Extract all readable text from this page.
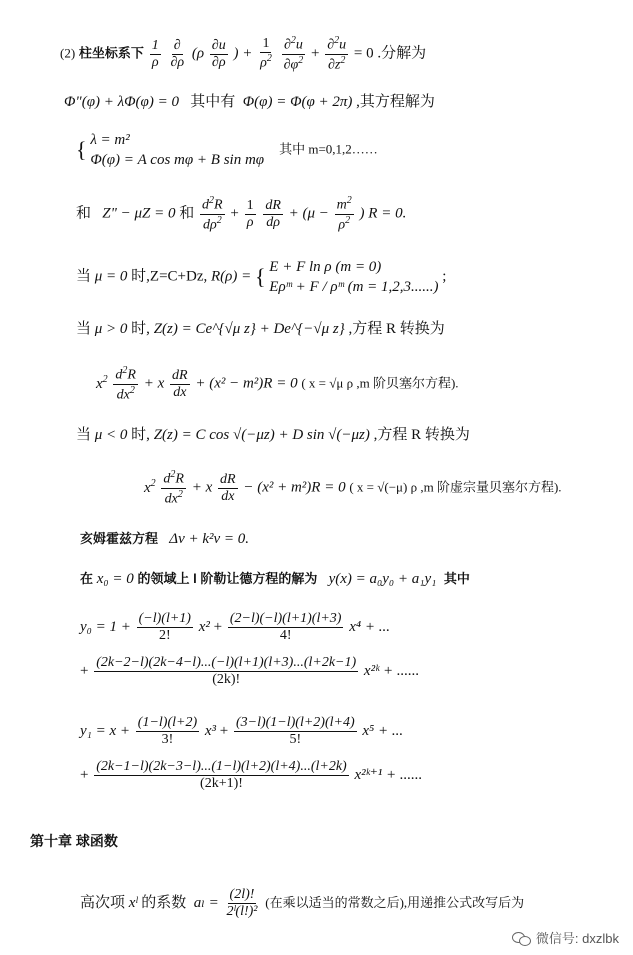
(2) 柱坐标系下 $\frac{1}{\rho}$
$\frac{\partial}{\partial\rho} (\rho \frac{\partial u}{\partial\rho}$ ) + $\frac{1}{\rho^2}$
$\frac{\partial^2u}{\partial\varphi^2} + \frac{\partial^2u}{\partial z^2} = 0$ .分解为
Φ"(φ) + λΦ(φ) = 0 其中有 Φ(φ) = Φ(φ + 2π) ,其方程解为
{ λ = m²
Φ(φ) = A cos mφ + B sin mφ
其中 m=0,1,2……
和 Z" − μZ = 0 和 $\frac{d^2R}{d\rho^2} + \frac{1}{\rho}$
$\frac{dR}{d\rho} + (\mu - \frac{m^2}{\rho^2}$ ) R = 0.
当 μ = 0 时,Z=C+Dz, R(ρ) = { E + F ln ρ (m = 0)
Eρᵐ + F / ρᵐ (m = 1,2,3......)
;
当 μ > 0 时, Z(z) = Ce^{√μ z} + De^{−√μ z} ,方程 R 转换为
$x^2 \frac{d^2R}{dx^2} + x \frac{dR}{dx} + (x^2 - m^2)R = 0$ ( x = √μ ρ ,m 阶贝塞尔方程).
当 μ < 0 时, Z(z) = C cos √(−μz) + D sin √(−μz) ,方程 R 转换为
$x^2 \frac{d^2R}{dx^2} + x \frac{dR}{dx} - (x^2 + m^2)R = 0$ ( x = √(−μ) ρ ,m 阶虚宗量贝塞尔方程).
亥姆霍兹方程 Δv + k²v = 0.
在 x₀ = 0 的领域上 l 阶勒让德方程的解为 y(x) = a₀y₀ + a₁y₁ 其中
$y_0 = 1 + \frac{(-l)(l+1)}{2!} x^2 + \frac{(2-l)(-l)(l+1)(l+3)}{4!} x^4$ + ...
+ $\frac{(2k-2-l)(2k-4-l)...(-l)(l+1)(l+3)...(l+2k-1)}{(2k)!}$ x²ᵏ + ......
$y_1 = x + \frac{(1-l)(l+2)}{3!} x^3 + \frac{(3-l)(1-l)(l+2)(l+4)}{5!} x^5$ + ...
+ $\frac{(2k-1-l)(2k-3-l)...(1-l)(l+2)(l+4)...(l+2k)}{(2k+1)!}$ x²ᵏ⁺¹ + ......
第十章 球函数
高次项 xˡ 的系数 $a_l = \frac{(2l)!}{\text{2ˡ(l!)²}}$ (在乘以适当的常数之后),用递推公式改写后为
微信号: dxzlbk
